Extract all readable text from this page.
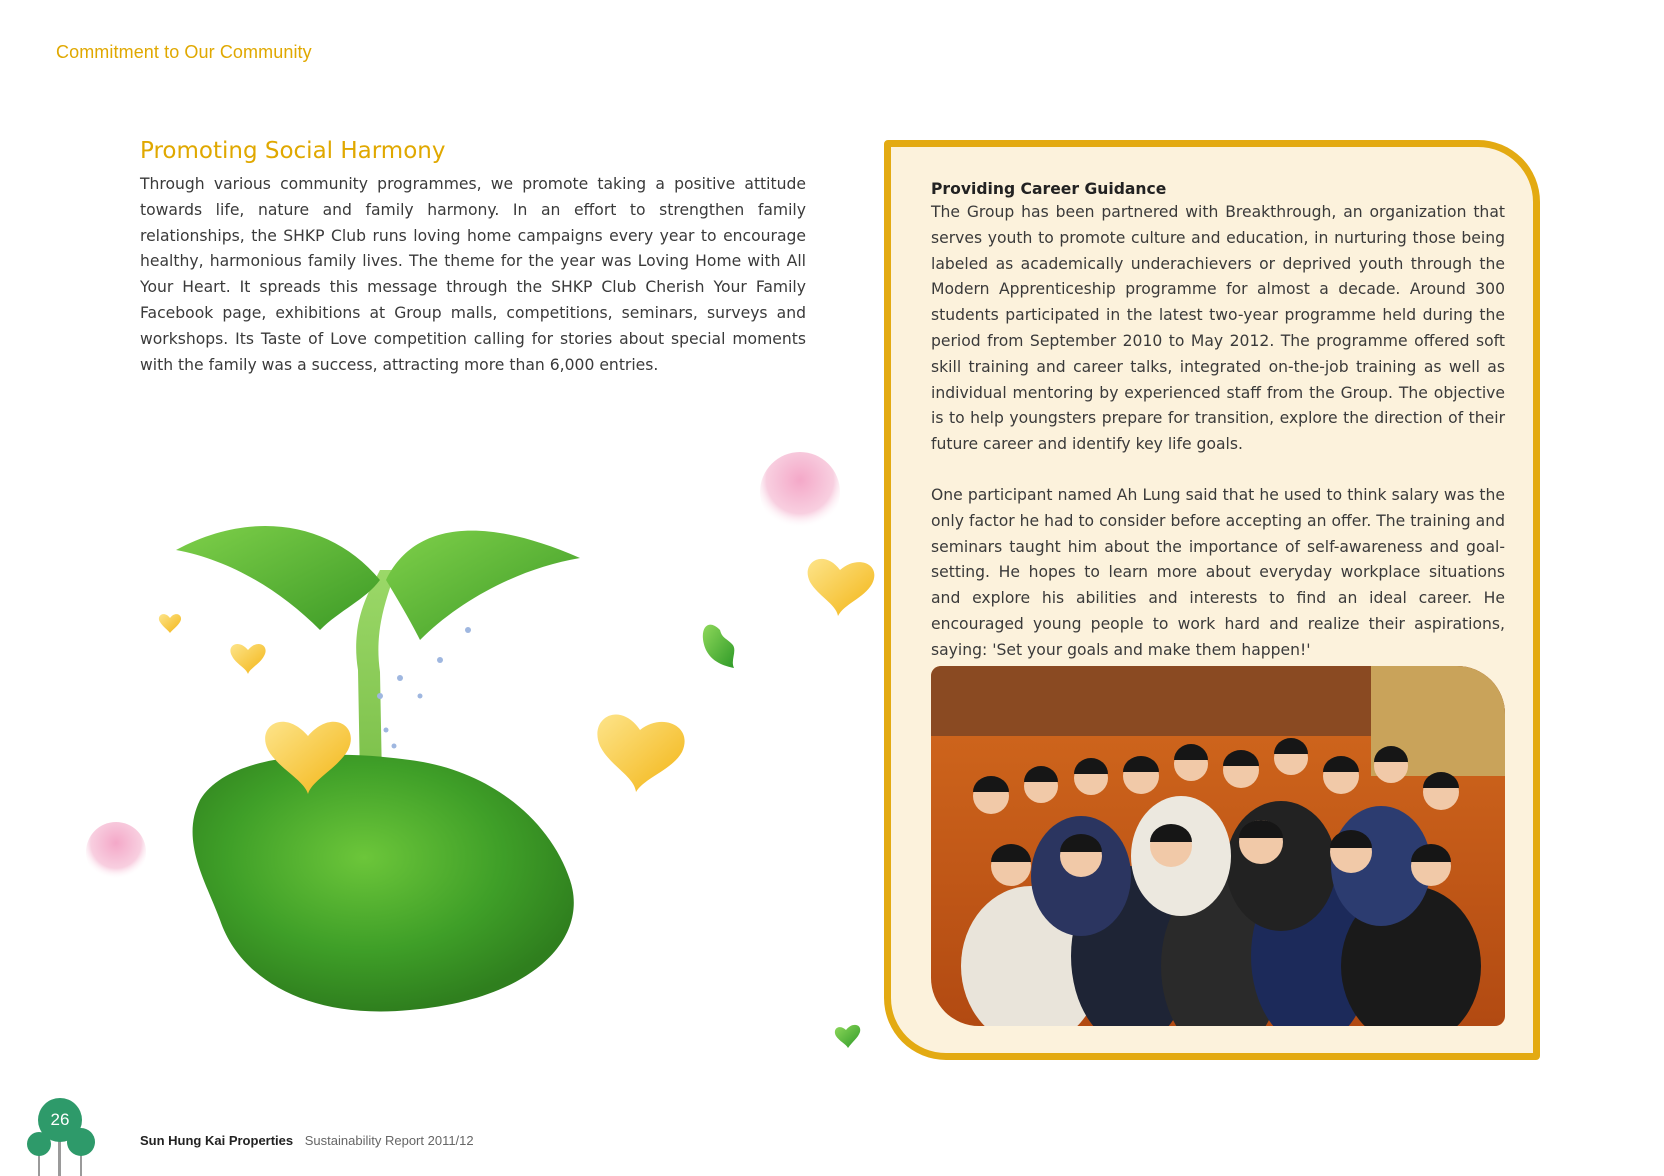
Commitment to Our Community
Promoting Social Harmony

Through various community programmes, we promote taking a positive attitude towards life, nature and family harmony. In an effort to strengthen family relationships, the SHKP Club runs loving home campaigns every year to encourage healthy, harmonious family lives. The theme for the year was Loving Home with All Your Heart. It spreads this message through the SHKP Club Cherish Your Family Facebook page, exhibitions at Group malls, competitions, seminars, surveys and workshops. Its Taste of Love competition calling for stories about special moments with the family was a success, attracting more than 6,000 entries.

Providing Career Guidance

The Group has been partnered with Breakthrough, an organization that serves youth to promote culture and education, in nurturing those being labeled as academically underachievers or deprived youth through the Modern Apprenticeship programme for almost a decade. Around 300 students participated in the latest two-year programme held during the period from September 2010 to May 2012. The programme offered soft skill training and career talks, integrated on-the-job training as well as individual mentoring by experienced staff from the Group. The objective is to help youngsters prepare for transition, explore the direction of their future career and identify key life goals.

One participant named Ah Lung said that he used to think salary was the only factor he had to consider before accepting an offer. The training and seminars taught him about the importance of self-awareness and goal-setting. He hopes to learn more about everyday workplace situations and explore his abilities and interests to find an ideal career. He encouraged young people to work hard and realize their aspirations, saying: 'Set your goals and make them happen!'

26
Sun Hung Kai Properties Sustainability Report 2011/12
